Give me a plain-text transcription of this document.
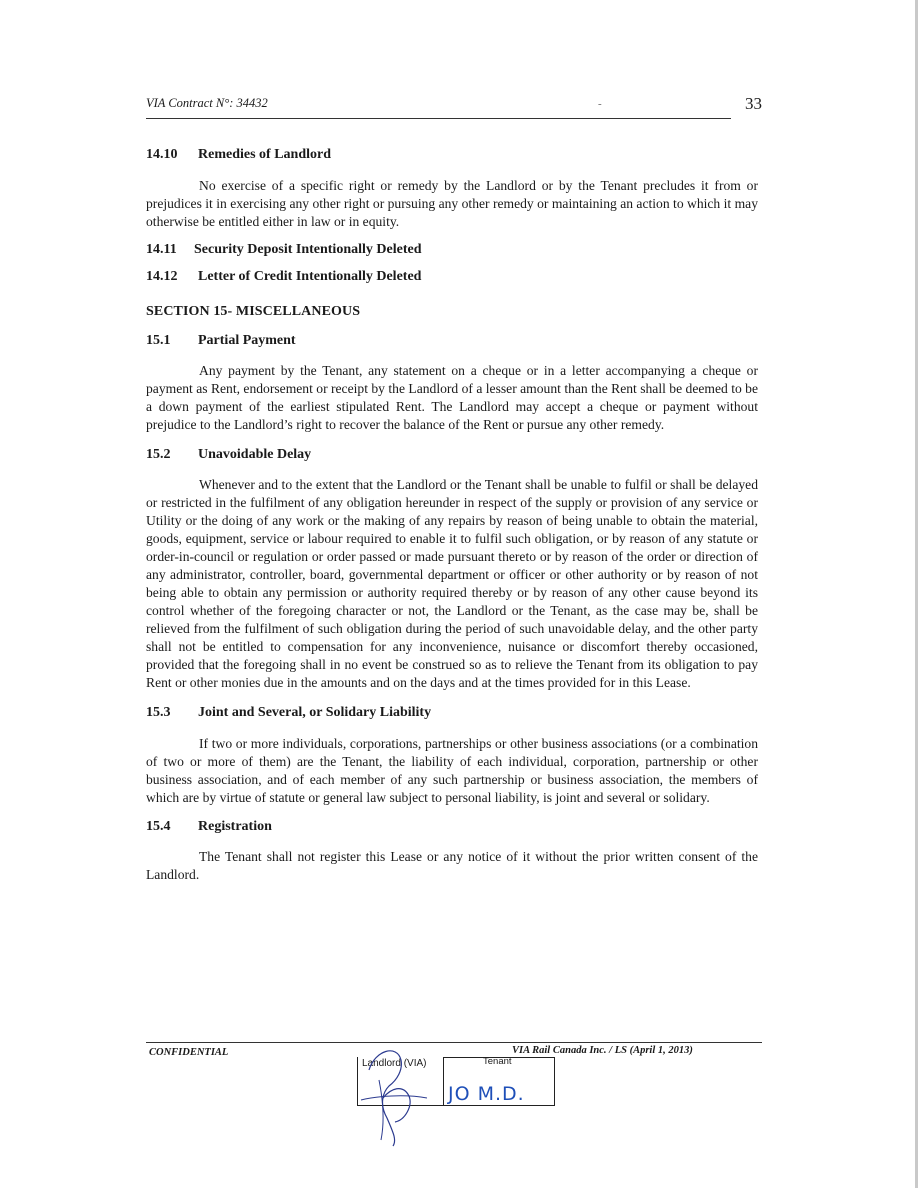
VIA Contract N°: 34432	33
-
14.10 Remedies of Landlord

No exercise of a specific right or remedy by the Landlord or by the Tenant precludes it from or prejudices it in exercising any other right or pursuing any other remedy or maintaining an action to which it may otherwise be entitled either in law or in equity.

14.11 Security Deposit Intentionally Deleted
14.12 Letter of Credit Intentionally Deleted
SECTION 15- MISCELLANEOUS
15.1 Partial Payment

Any payment by the Tenant, any statement on a cheque or in a letter accompanying a cheque or payment as Rent, endorsement or receipt by the Landlord of a lesser amount than the Rent shall be deemed to be a down payment of the earliest stipulated Rent. The Landlord may accept a cheque or payment without prejudice to the Landlord’s right to recover the balance of the Rent or pursue any other remedy.

15.2 Unavoidable Delay

Whenever and to the extent that the Landlord or the Tenant shall be unable to fulfil or shall be delayed or restricted in the fulfilment of any obligation hereunder in respect of the supply or provision of any service or Utility or the doing of any work or the making of any repairs by reason of being unable to obtain the material, goods, equipment, service or labour required to enable it to fulfil such obligation, or by reason of any statute or order-in-council or regulation or order passed or made pursuant thereto or by reason of the order or direction of any administrator, controller, board, governmental department or officer or other authority or by reason of not being able to obtain any permission or authority required thereby or by reason of any other cause beyond its control whether of the foregoing character or not, the Landlord or the Tenant, as the case may be, shall be relieved from the fulfilment of such obligation during the period of such unavoidable delay, and the other party shall not be entitled to compensation for any inconvenience, nuisance or discomfort thereby occasioned, provided that the foregoing shall in no event be construed so as to relieve the Tenant from its obligation to pay Rent or other monies due in the amounts and on the days and at the times provided for in this Lease.

15.3 Joint and Several, or Solidary Liability

If two or more individuals, corporations, partnerships or other business associations (or a combination of two or more of them) are the Tenant, the liability of each individual, corporation, partnership or other business association, and of each member of any such partnership or business association, the members of which are by virtue of statute or general law subject to personal liability, is joint and several or solidary.

15.4 Registration

The Tenant shall not register this Lease or any notice of it without the prior written consent of the Landlord.

CONFIDENTIAL	VIA Rail Canada Inc. / LS (April 1, 2013)
Landlord (VIA)	Tenant
JO M.D.
